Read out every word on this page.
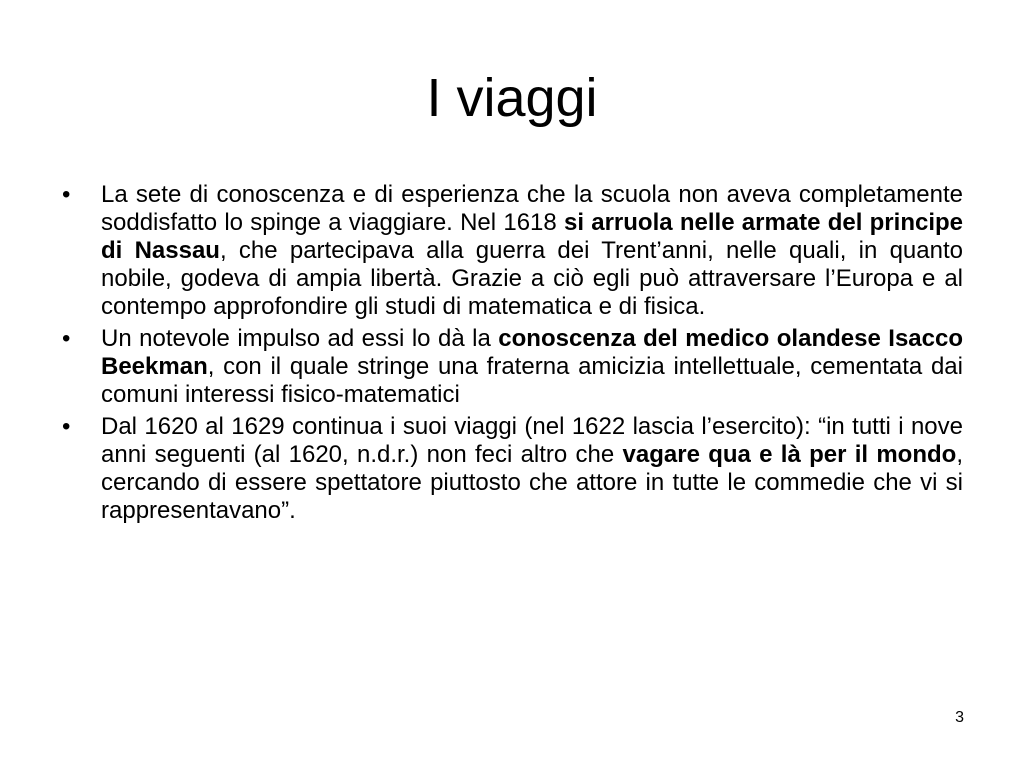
I viaggi
•	La sete di conoscenza e di esperienza che la scuola non aveva completamente soddisfatto lo spinge a viaggiare. Nel 1618 si arruola nelle armate del principe di Nassau, che partecipava alla guerra dei Trent’anni, nelle quali, in quanto nobile, godeva di ampia libertà. Grazie a ciò egli può attraversare l’Europa e al contempo approfondire gli studi di matematica e di fisica.
•	Un notevole impulso ad essi lo dà la conoscenza del medico olandese Isacco Beekman, con il quale stringe una fraterna amicizia intellettuale, cementata dai comuni interessi fisico-matematici
•	Dal 1620 al 1629 continua i suoi viaggi (nel 1622 lascia l’esercito): “in tutti i nove anni seguenti (al 1620, n.d.r.) non feci altro che vagare qua e là per il mondo, cercando di essere spettatore piuttosto che attore in tutte le commedie che vi si rappresentavano”.
3
